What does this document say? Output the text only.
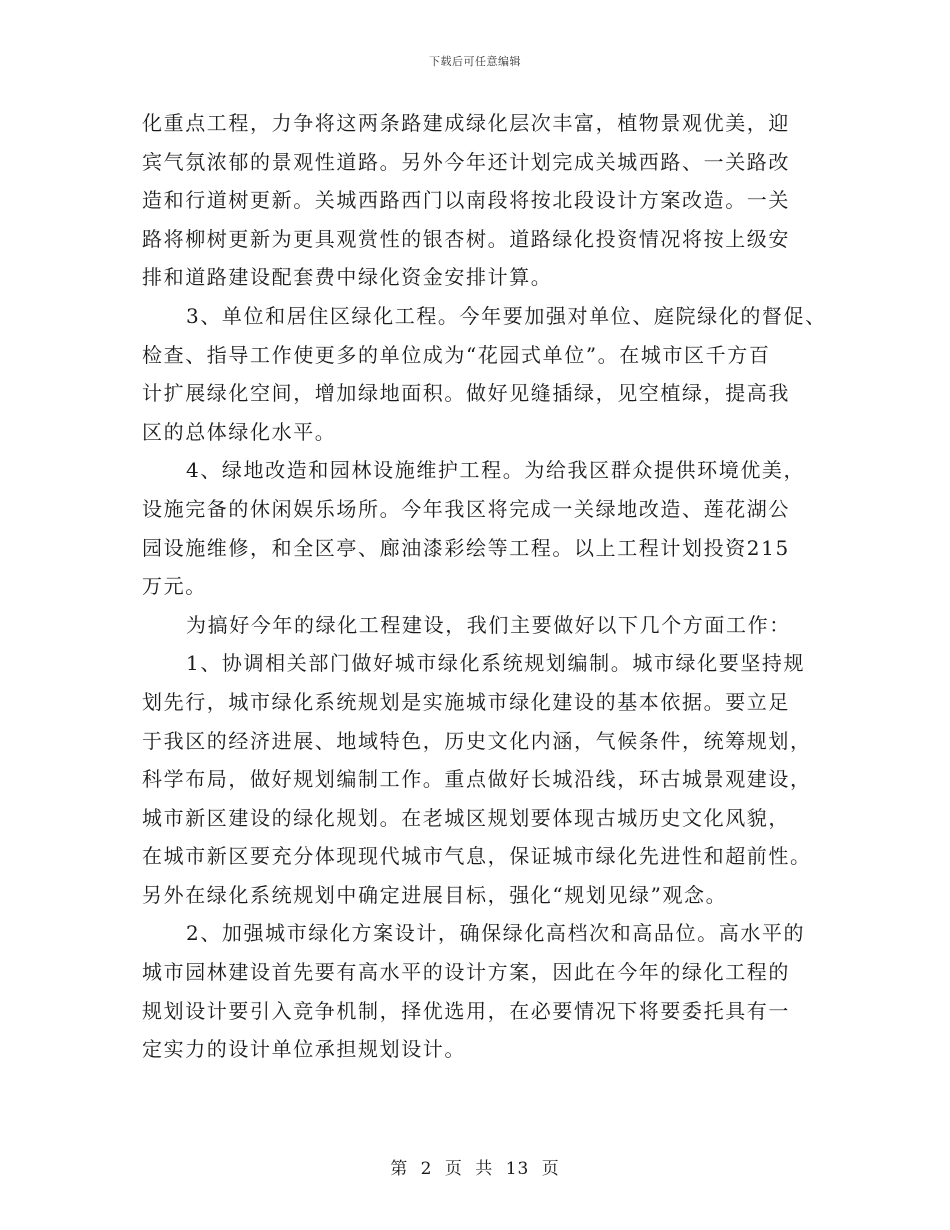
下载后可任意编辑
化重点工程，力争将这两条路建成绿化层次丰富，植物景观优美，迎
宾气氛浓郁的景观性道路。另外今年还计划完成关城西路、一关路改
造和行道树更新。关城西路西门以南段将按北段设计方案改造。一关
路将柳树更新为更具观赏性的银杏树。道路绿化投资情况将按上级安
排和道路建设配套费中绿化资金安排计算。
3、单位和居住区绿化工程。今年要加强对单位、庭院绿化的督促、
检查、指导工作使更多的单位成为“花园式单位”。在城市区千方百
计扩展绿化空间，增加绿地面积。做好见缝插绿，见空植绿，提高我
区的总体绿化水平。
4、绿地改造和园林设施维护工程。为给我区群众提供环境优美，
设施完备的休闲娱乐场所。今年我区将完成一关绿地改造、莲花湖公
园设施维修，和全区亭、廊油漆彩绘等工程。以上工程计划投资215
万元。
为搞好今年的绿化工程建设，我们主要做好以下几个方面工作：
1、协调相关部门做好城市绿化系统规划编制。城市绿化要坚持规
划先行，城市绿化系统规划是实施城市绿化建设的基本依据。要立足
于我区的经济进展、地域特色，历史文化内涵，气候条件，统筹规划，
科学布局，做好规划编制工作。重点做好长城沿线，环古城景观建设，
城市新区建设的绿化规划。在老城区规划要体现古城历史文化风貌，
在城市新区要充分体现现代城市气息，保证城市绿化先进性和超前性。
另外在绿化系统规划中确定进展目标，强化“规划见绿”观念。
2、加强城市绿化方案设计，确保绿化高档次和高品位。高水平的
城市园林建设首先要有高水平的设计方案，因此在今年的绿化工程的
规划设计要引入竞争机制，择优选用，在必要情况下将要委托具有一
定实力的设计单位承担规划设计。
第 2 页 共 13 页
